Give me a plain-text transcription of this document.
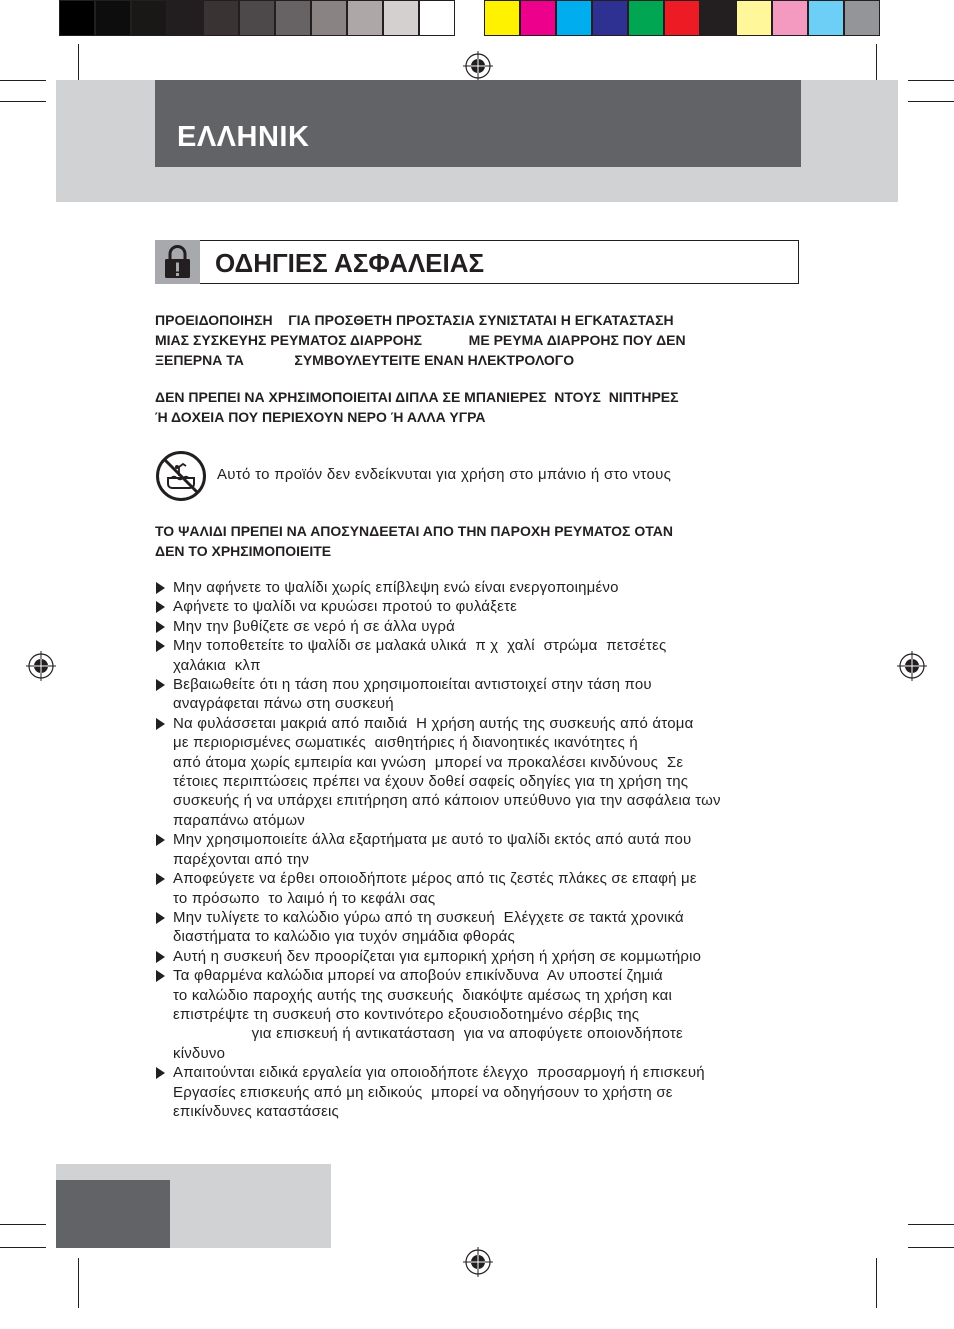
ΕΛΛΗΝΙΚ
ΟΔΗΓΙΕΣ ΑΣΦΑΛΕΙΑΣ
ΠΡΟΕΙΔΟΠΟΙΗΣΗ    ΓΙΑ ΠΡΟΣΘΕΤΗ ΠΡΟΣΤΑΣΙΑ ΣΥΝΙΣΤΑΤΑΙ Η ΕΓΚΑΤΑΣΤΑΣΗ
ΜΙΑΣ ΣΥΣΚΕΥΗΣ ΡΕΥΜΑΤΟΣ ΔΙΑΡΡΟΗΣ            ΜΕ ΡΕΥΜΑ ΔΙΑΡΡΟΗΣ ΠΟΥ ΔΕΝ
ΞΕΠΕΡΝΑ ΤΑ             ΣΥΜΒΟΥΛΕΥΤΕΙΤΕ ΕΝΑΝ ΗΛΕΚΤΡΟΛΟΓΟ
ΔΕΝ ΠΡΕΠΕΙ ΝΑ ΧΡΗΣΙΜΟΠΟΙΕΙΤΑΙ ΔΙΠΛΑ ΣΕ ΜΠΑΝΙΕΡΕΣ  ΝΤΟΥΣ  ΝΙΠΤΗΡΕΣ
Ή ΔΟΧΕΙΑ ΠΟΥ ΠΕΡΙΕΧΟΥΝ ΝΕΡΟ Ή ΑΛΛΑ ΥΓΡΑ
Αυτό το προϊόν δεν ενδείκνυται για χρήση στο μπάνιο ή στο ντους
ΤΟ ΨΑΛΙΔΙ ΠΡΕΠΕΙ ΝΑ ΑΠΟΣΥΝΔΕΕΤΑΙ ΑΠΟ ΤΗΝ ΠΑΡΟΧΗ ΡΕΥΜΑΤΟΣ ΟΤΑΝ
ΔΕΝ ΤΟ ΧΡΗΣΙΜΟΠΟΙΕΙΤΕ
Μην αφήνετε το ψαλίδι χωρίς επίβλεψη ενώ είναι ενεργοποιημένο
Αφήνετε το ψαλίδι να κρυώσει προτού το φυλάξετε
Μην την βυθίζετε σε νερό ή σε άλλα υγρά
Μην τοποθετείτε το ψαλίδι σε μαλακά υλικά  π χ  χαλί  στρώμα  πετσέτες
χαλάκια  κλπ
Βεβαιωθείτε ότι η τάση που χρησιμοποιείται αντιστοιχεί στην τάση που
αναγράφεται πάνω στη συσκευή
Να φυλάσσεται μακριά από παιδιά  Η χρήση αυτής της συσκευής από άτομα
με περιορισμένες σωματικές  αισθητήριες ή διανοητικές ικανότητες ή
από άτομα χωρίς εμπειρία και γνώση  μπορεί να προκαλέσει κινδύνους  Σε
τέτοιες περιπτώσεις πρέπει να έχουν δοθεί σαφείς οδηγίες για τη χρήση της
συσκευής ή να υπάρχει επιτήρηση από κάποιον υπεύθυνο για την ασφάλεια των
παραπάνω ατόμων
Μην χρησιμοποιείτε άλλα εξαρτήματα με αυτό το ψαλίδι εκτός από αυτά που
παρέχονται από την
Αποφεύγετε να έρθει οποιοδήποτε μέρος από τις ζεστές πλάκες σε επαφή με
το πρόσωπο  το λαιμό ή το κεφάλι σας
Μην τυλίγετε το καλώδιο γύρω από τη συσκευή  Ελέγχετε σε τακτά χρονικά
διαστήματα το καλώδιο για τυχόν σημάδια φθοράς
Αυτή η συσκευή δεν προορίζεται για εμπορική χρήση ή χρήση σε κομμωτήριο
Τα φθαρμένα καλώδια μπορεί να αποβούν επικίνδυνα  Αν υποστεί ζημιά
το καλώδιο παροχής αυτής της συσκευής  διακόψτε αμέσως τη χρήση και
επιστρέψτε τη συσκευή στο κοντινότερο εξουσιοδοτημένο σέρβις της
για επισκευή ή αντικατάσταση  για να αποφύγετε οποιονδήποτε
κίνδυνο
Απαιτούνται ειδικά εργαλεία για οποιοδήποτε έλεγχο  προσαρμογή ή επισκευή
Εργασίες επισκευής από μη ειδικούς  μπορεί να οδηγήσουν το χρήστη σε
επικίνδυνες καταστάσεις
